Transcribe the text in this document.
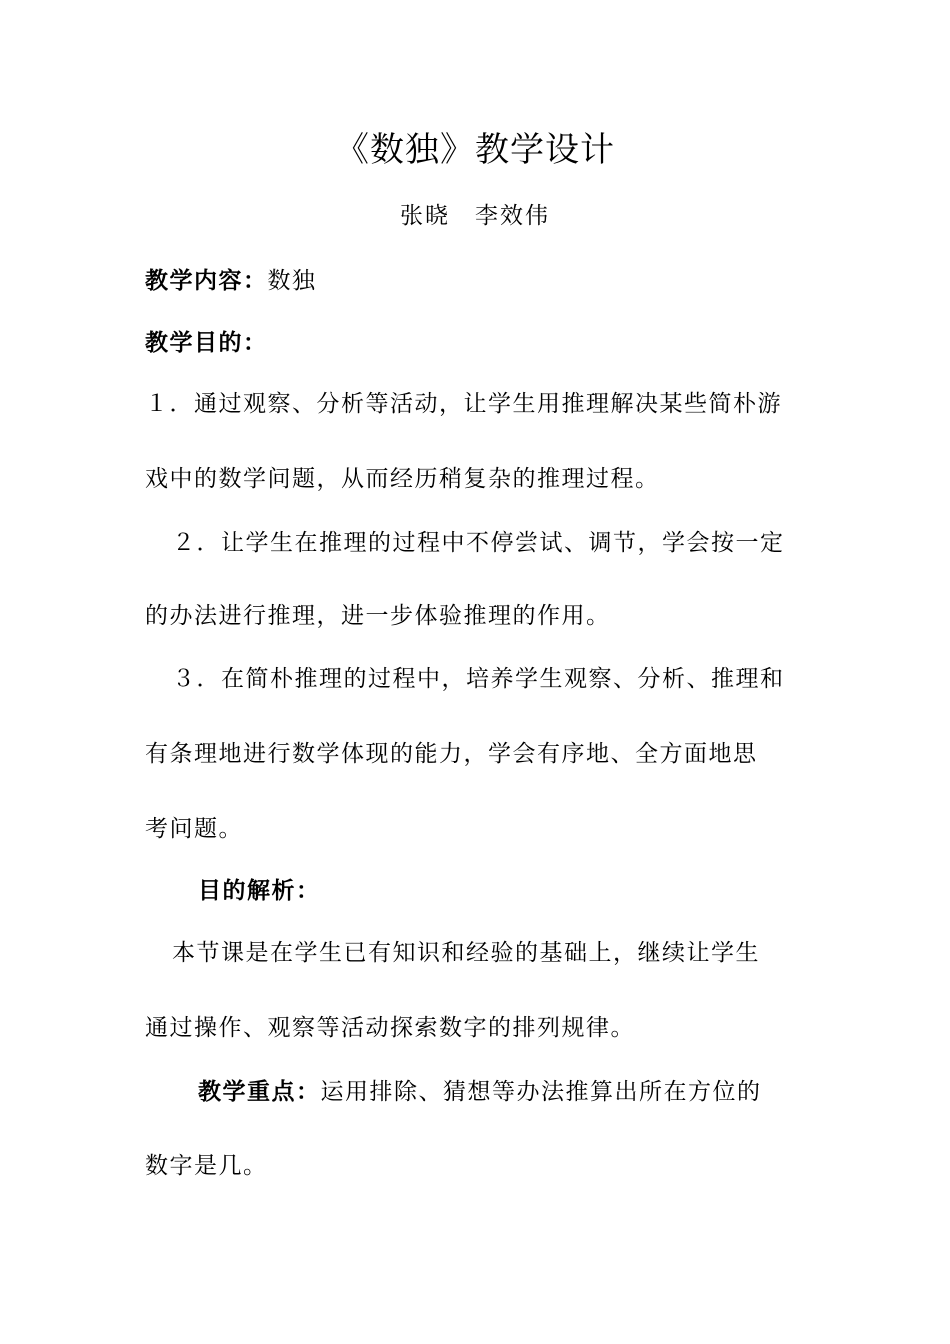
《数独》教学设计
张晓　李效伟
教学内容：数独
教学目的：
１．通过观察、分析等活动，让学生用推理解决某些简朴游
戏中的数学问题，从而经历稍复杂的推理过程。
２．让学生在推理的过程中不停尝试、调节，学会按一定
的办法进行推理，进一步体验推理的作用。
３．在简朴推理的过程中，培养学生观察、分析、推理和
有条理地进行数学体现的能力，学会有序地、全方面地思
考问题。
目的解析：
本节课是在学生已有知识和经验的基础上，继续让学生
通过操作、观察等活动探索数字的排列规律。
教学重点：运用排除、猜想等办法推算出所在方位的
数字是几。
